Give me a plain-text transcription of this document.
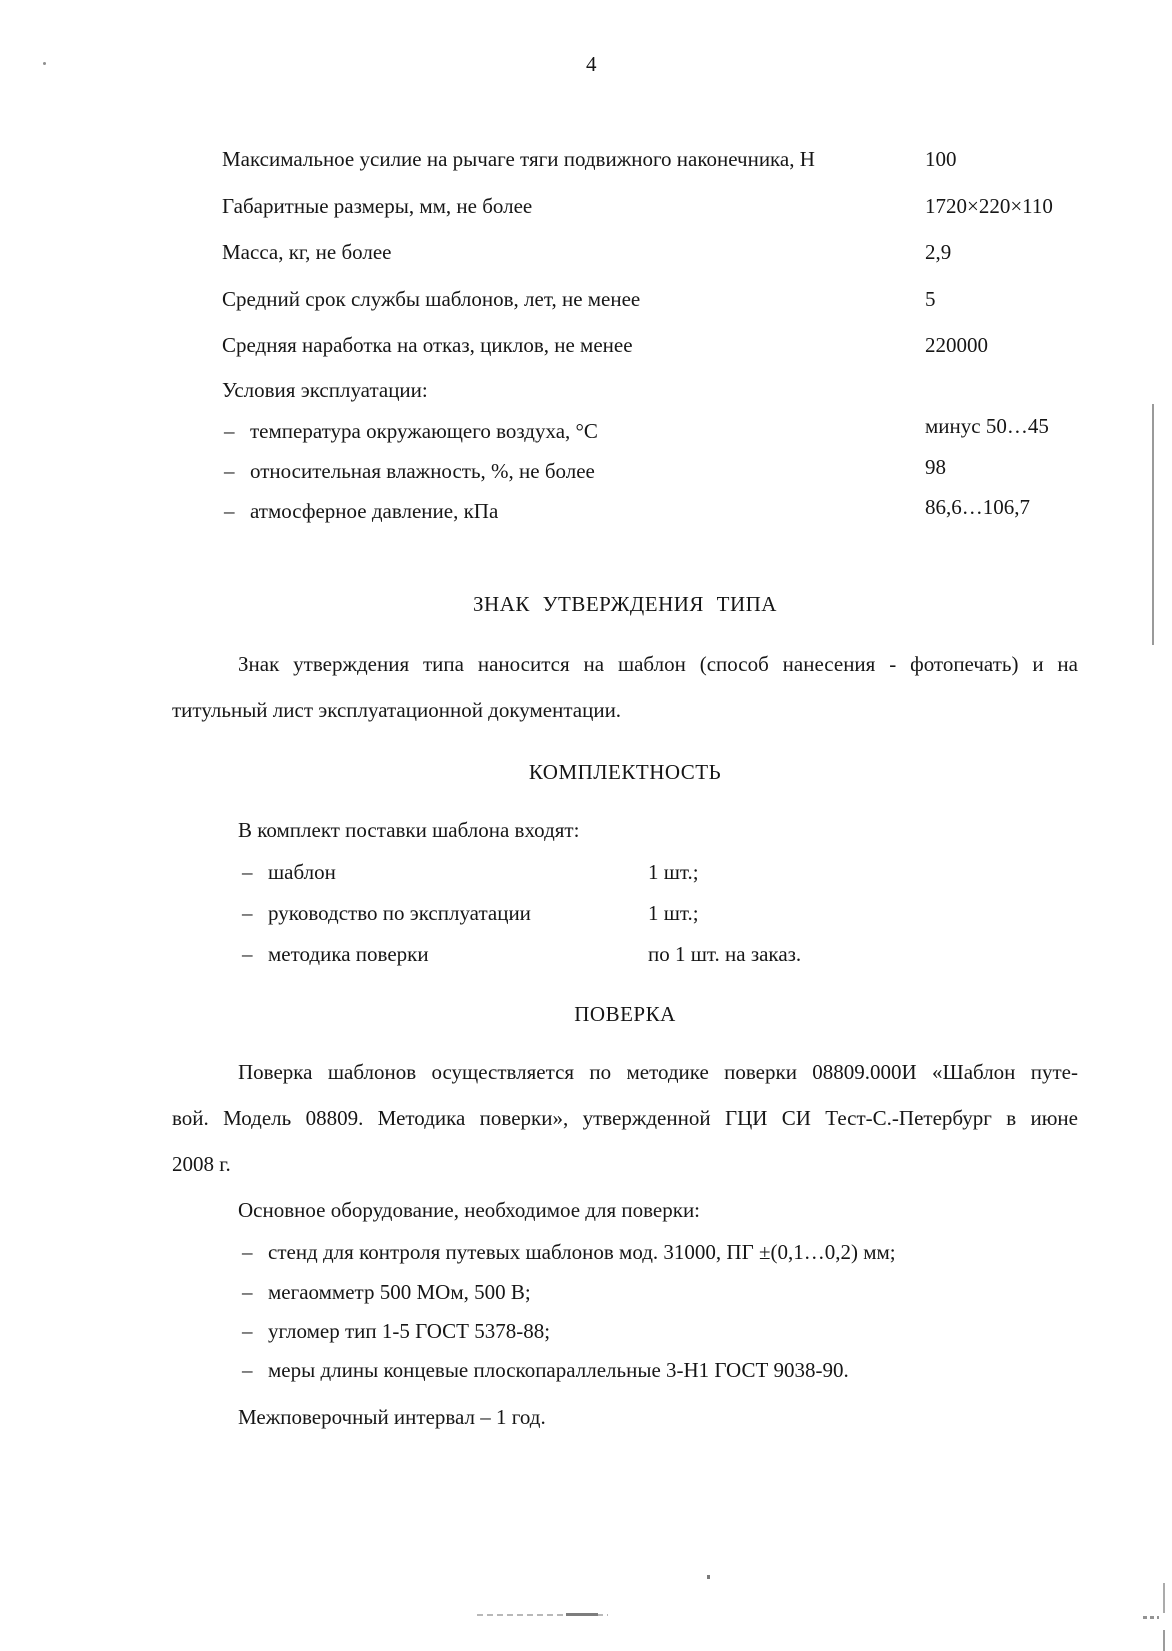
4
Максимальное усилие на рычаге тяги подвижного наконечника, Н	100
Габаритные размеры, мм, не более	1720×220×110
Масса, кг, не более	2,9
Средний срок службы шаблонов, лет, не менее	5
Средняя наработка на отказ, циклов, не менее	220000
Условия эксплуатации:
– температура окружающего воздуха, °С	минус 50…45
– относительная влажность, %, не более	98
– атмосферное давление, кПа	86,6…106,7
ЗНАК УТВЕРЖДЕНИЯ ТИПА
Знак утверждения типа наносится на шаблон (способ нанесения - фотопечать) и на
титульный лист эксплуатационной документации.
КОМПЛЕКТНОСТЬ
В комплект поставки шаблона входят:
– шаблон	1 шт.;
– руководство по эксплуатации	1 шт.;
– методика поверки	по 1 шт. на заказ.
ПОВЕРКА
Поверка шаблонов осуществляется по методике поверки 08809.000И «Шаблон путе-
вой. Модель 08809. Методика поверки», утвержденной ГЦИ СИ Тест-С.-Петербург в июне
2008 г.
Основное оборудование, необходимое для поверки:
– стенд для контроля путевых шаблонов мод. 31000, ПГ ±(0,1…0,2) мм;
– мегаомметр 500 МОм, 500 В;
– угломер тип 1-5 ГОСТ 5378-88;
– меры длины концевые плоскопараллельные 3-Н1 ГОСТ 9038-90.
Межповерочный интервал – 1 год.
